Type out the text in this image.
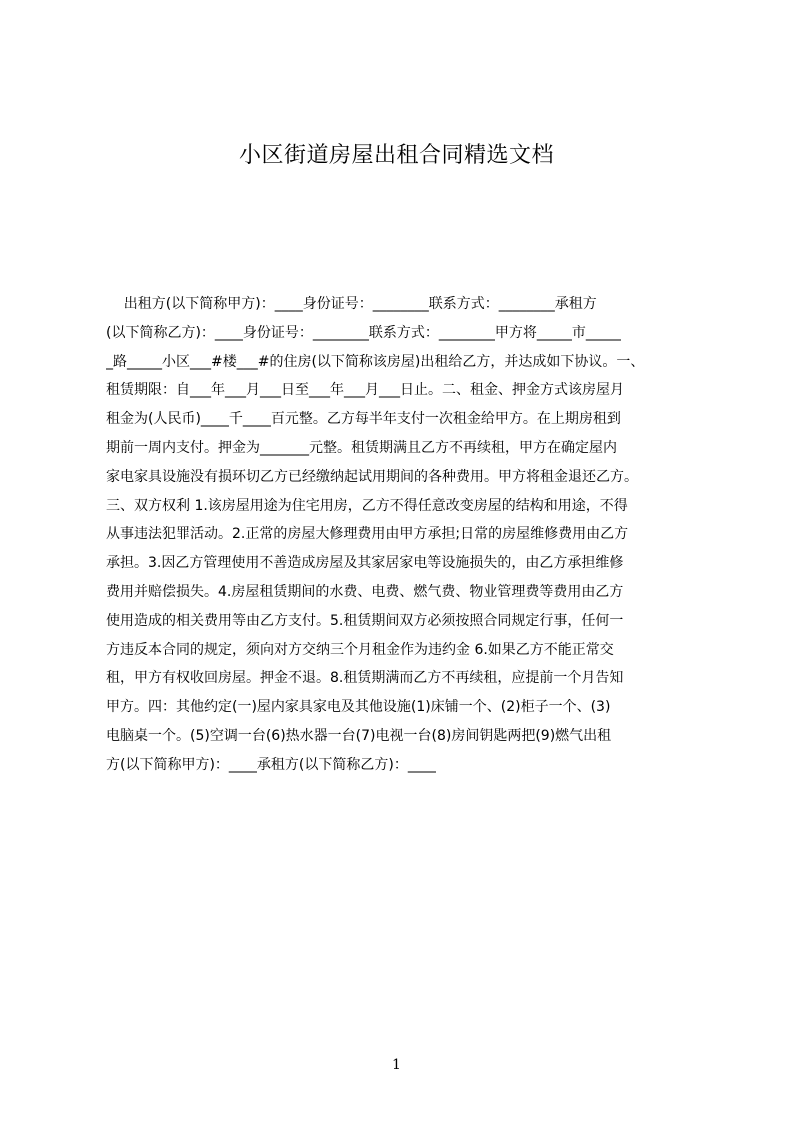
小区街道房屋出租合同精选文档
出租方(以下简称甲方)：____身份证号：________联系方式：________承租方
(以下简称乙方)：____身份证号：________联系方式：________甲方将_____市_____
_路_____小区___#楼___#的住房(以下简称该房屋)出租给乙方，并达成如下协议。一、
租赁期限：自___年___月___日至___年___月___日止。二、租金、押金方式该房屋月
租金为(人民币)____千____百元整。乙方每半年支付一次租金给甲方。在上期房租到
期前一周内支付。押金为_______元整。租赁期满且乙方不再续租，甲方在确定屋内
家电家具设施没有损环切乙方已经缴纳起试用期间的各种费用。甲方将租金退还乙方。
三、双方权利 1.该房屋用途为住宅用房，乙方不得任意改变房屋的结构和用途，不得
从事违法犯罪活动。2.正常的房屋大修理费用由甲方承担;日常的房屋维修费用由乙方
承担。3.因乙方管理使用不善造成房屋及其家居家电等设施损失的，由乙方承担维修
费用并赔偿损失。4.房屋租赁期间的水费、电费、燃气费、物业管理费等费用由乙方
使用造成的相关费用等由乙方支付。5.租赁期间双方必须按照合同规定行事，任何一
方违反本合同的规定，须向对方交纳三个月租金作为违约金 6.如果乙方不能正常交
租，甲方有权收回房屋。押金不退。8.租赁期满而乙方不再续租，应提前一个月告知
甲方。四：其他约定(一)屋内家具家电及其他设施(1)床铺一个、(2)柜子一个、(3)
电脑桌一个。(5)空调一台(6)热水器一台(7)电视一台(8)房间钥匙两把(9)燃气出租
方(以下简称甲方)：____承租方(以下简称乙方)：____
1
